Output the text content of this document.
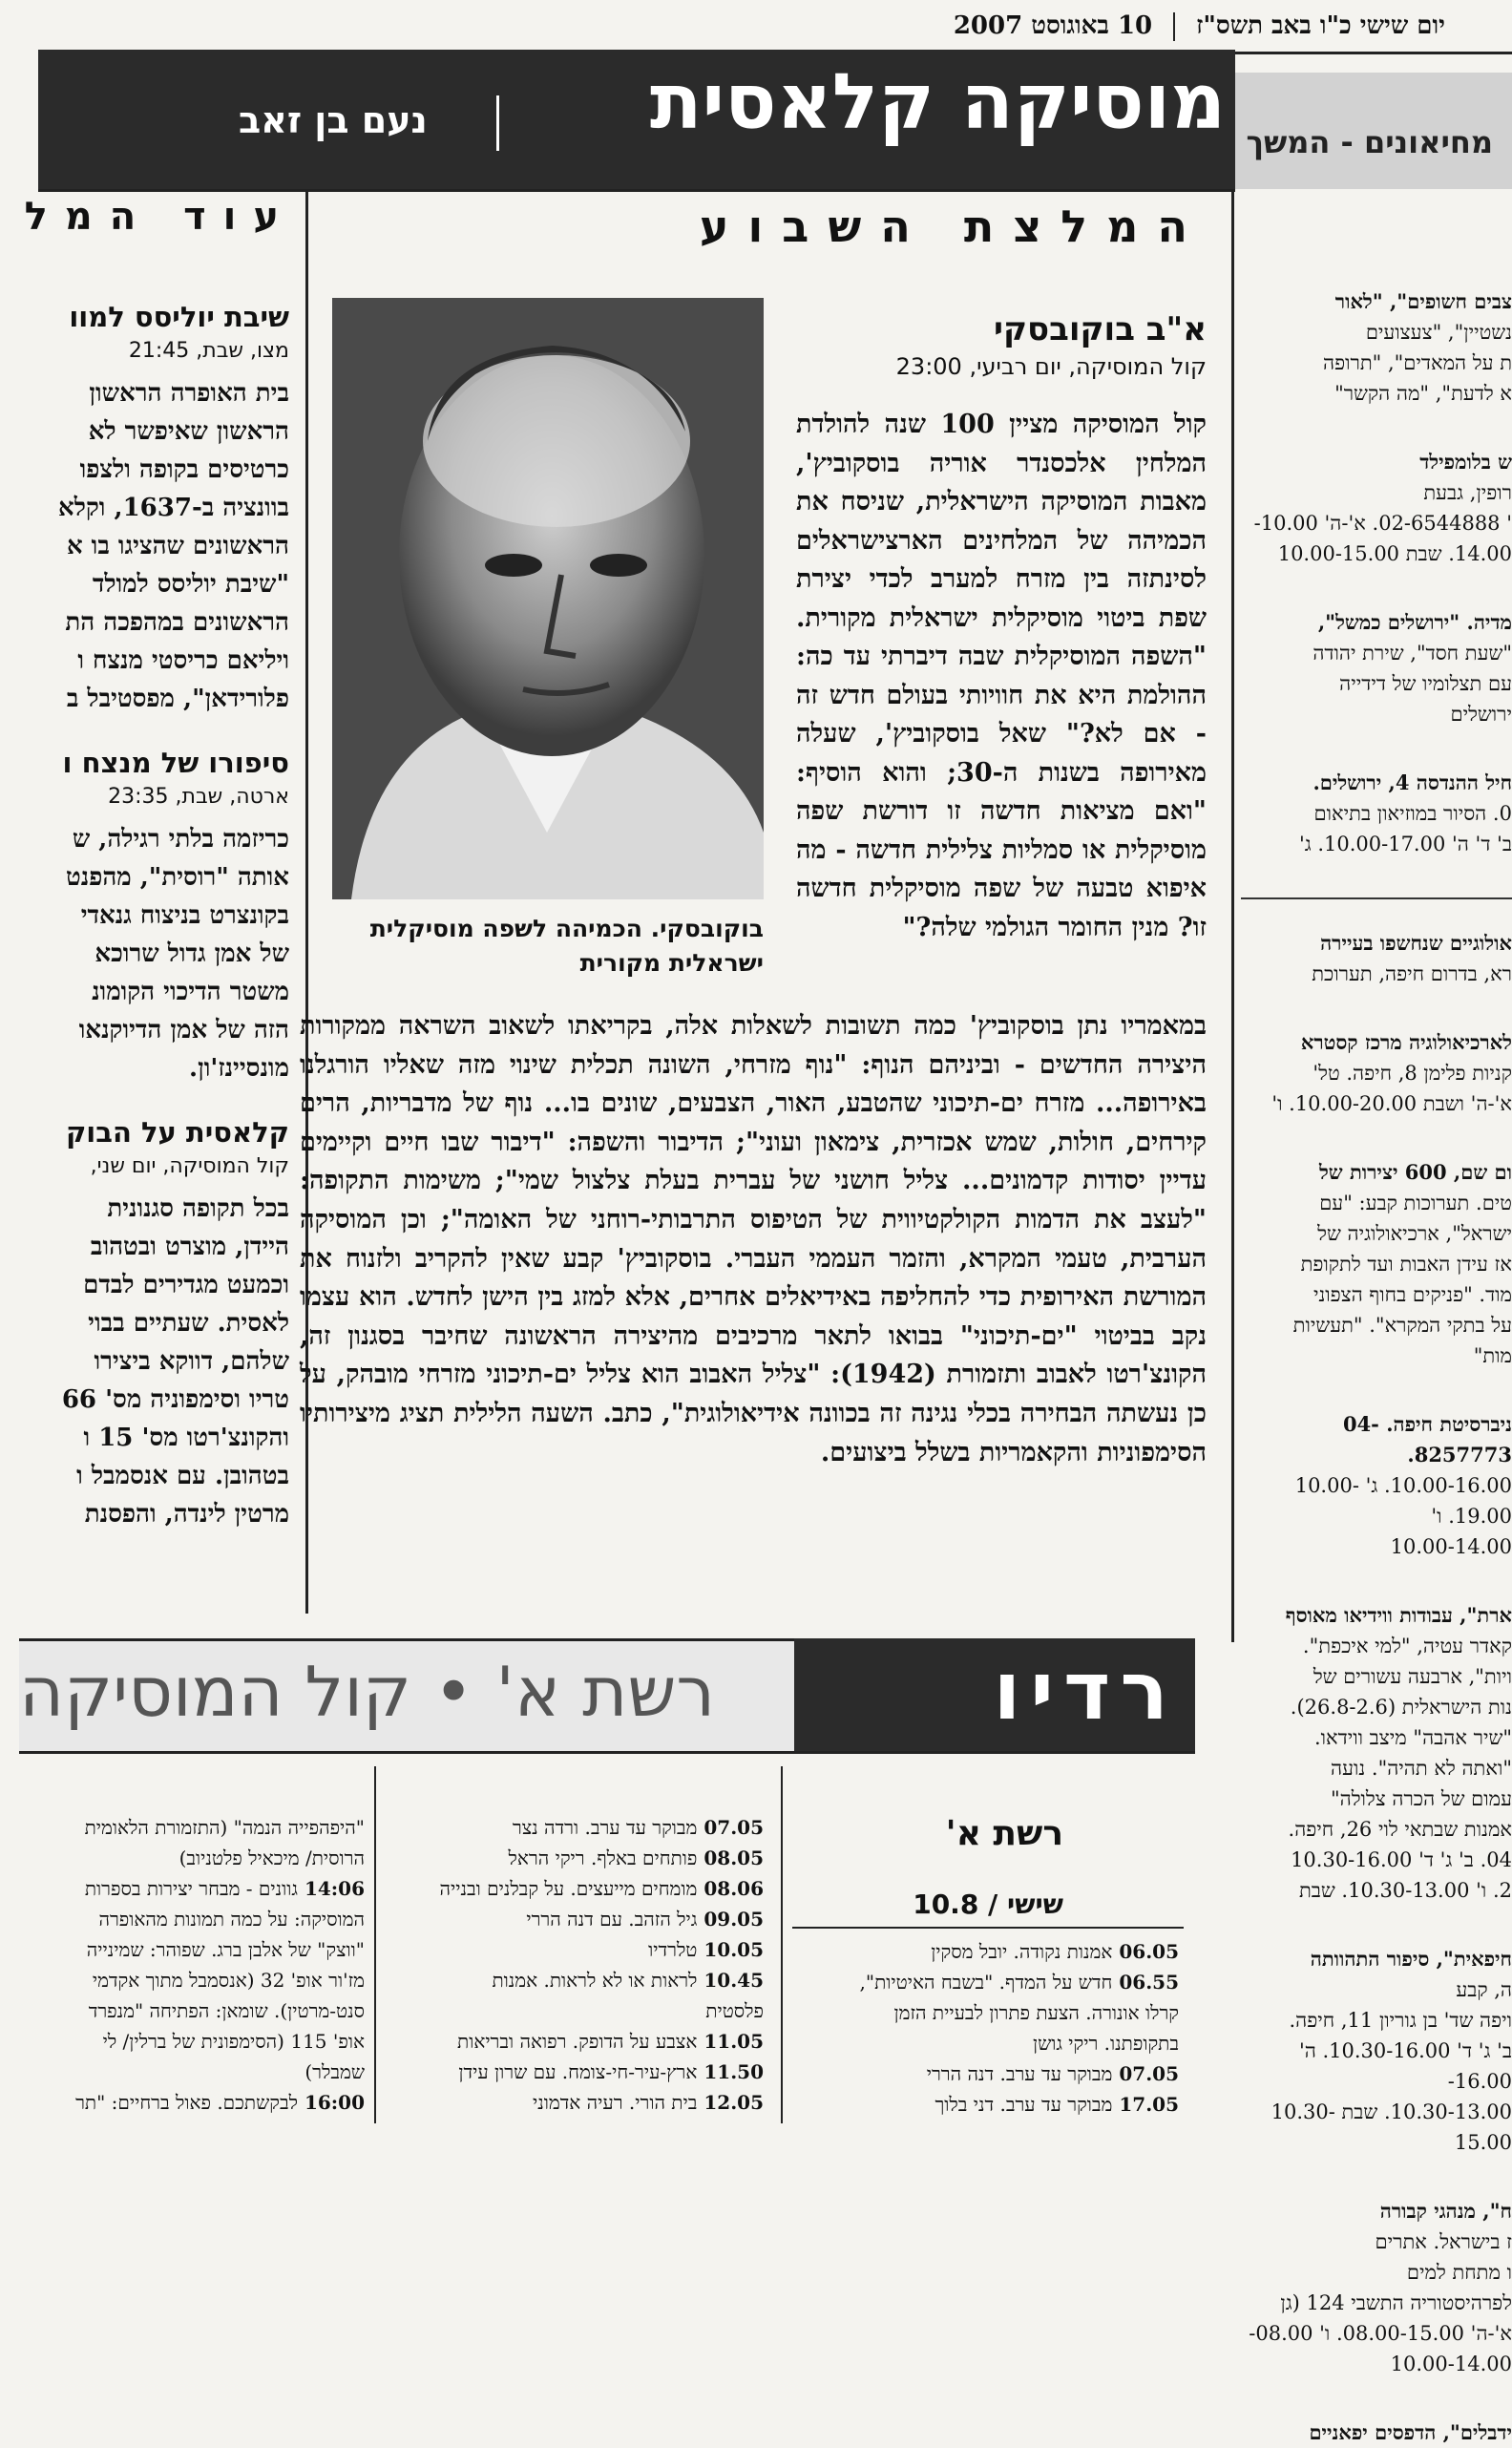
יום שישי כ"ו באב תשס"ז10 באוגוסט 2007
מוסיקה קלאסית
נעם בן זאב
מחיאונים - המשך
המלצת השבוע
עוד המל
א"ב בוקובסקי
קול המוסיקה, יום רביעי, 23:00
קול המוסיקה מציין 100 שנה להולדת המלחין אלכסנדר אוריה בוסקוביץ', מאבות המוסיקה הישראלית, שניסח את הכמיהה של המלחינים הארצישראלים לסינתזה בין מזרח למערב לכדי יצירת שפת ביטוי מוסיקלית ישראלית מקורית. "השפה המוסיקלית שבה דיברתי עד כה: ההולמת היא את חוויותי בעולם חדש זה - אם לא?" שאל בוסקוביץ', שעלה מאירופה בשנות ה-30; והוא הוסיף: "ואם מציאות חדשה זו דורשת שפה מוסיקלית או סמליות צלילית חדשה - מה איפוא טבעה של שפה מוסיקלית חדשה זו? מנין החומר הגולמי שלה?"
בוקובסקי. הכמיהה לשפה מוסיקלית ישראלית מקורית
במאמריו נתן בוסקוביץ' כמה תשובות לשאלות אלה, בקריאתו לשאוב השראה ממקורות היצירה החדשים - וביניהם הנוף: "נוף מזרחי, השונה תכלית שינוי מזה שאליו הורגלנו באירופה... מזרח ים-תיכוני שהטבע, האור, הצבעים, שונים בו... נוף של מדבריות, הרים קירחים, חולות, שמש אכזרית, צימאון ועוני"; הדיבור והשפה: "דיבור שבו חיים וקיימים עדיין יסודות קדמונים... צליל חושני של עברית בעלת צלצול שמי"; משימות התקופה: "לעצב את הדמות הקולקטיווית של הטיפוס התרבותי-רוחני של האומה"; וכן המוסיקה הערבית, טעמי המקרא, והזמר העממי העברי. בוסקוביץ' קבע שאין להקריב ולזנוח את המורשת האירופית כדי להחליפה באידיאלים אחרים, אלא למזג בין הישן לחדש. הוא עצמו נקב בביטוי "ים-תיכוני" בבואו לתאר מרכיבים מהיצירה הראשונה שחיבר בסגנון זה, הקונצ'רטו לאבוב ותזמורת (1942): "צליל האבוב הוא צליל ים-תיכוני מזרחי מובהק, על כן נעשתה הבחירה בכלי נגינה זה בכוונה אידיאולוגית", כתב. השעה הלילית תציג מיצירותיו הסימפוניות והקאמריות בשלל ביצועים.
שיבת יוליסס למוו
מצו, שבת, 21:45
בית האופרה הראשון
הראשון שאיפשר לא
כרטיסים בקופה ולצפו
בוונציה ב-1637, וקלא
הראשונים שהציגו בו א
"שיבת יוליסס למולד
הראשונים במהפכה הת
ויליאם כריסטי מנצח ו
פלורידאן", מפסטיבל ב
סיפורו של מנצח ו
ארטה, שבת, 23:35
כריזמה בלתי רגילה, ש
אותה "רוסית", מהפנט
בקונצרט בניצוח גנאדי
של אמן גדול שרוכא
משטר הדיכוי הקומונ
הזה של אמן הדיוקנאו
מונסיינז'ון.
קלאסית על הבוק
קול המוסיקה, יום שני,
בכל תקופה סגנונית
היידן, מוצרט ובטהוב
וכמעט מגדירים לבדם
לאסית. שעתיים בבוי
שלהם, דווקא ביצירו
טריו וסימפוניה מס' 66
והקונצ'רטו מס' 15 ו
בטהובן. עם אנסמבל ו
מרטין לינדה, והפסנת
צבים חשופים", "לאור
נשטיין", "צעצועים
ת על המאדים", "תרופה
א לדעת", "מה הקשר"
ש בלומפילד
רופין, גבעת
' 02-6544888. א'-ה' 10.00-
14.00. שבת 10.00-15.00
מדיה. "ירושלים כמשל",
"שעת חסד", שירת יהודה
עם תצלומיו של דידייה
ירושלים
חיל ההנדסה 4, ירושלים.
0. הסיור במוזיאון בתיאום
ב' ד' ה' 10.00-17.00. ג'
אולוגיים שנחשפו בעיירה
רא, בדרום חיפה, תערוכת
לארכיאולוגיה מרכז קסטרא
קניות פלימן 8, חיפה. טל'
א'-ה' ושבת 10.00-20.00. ו'
ום שם, 600 יצירות של
טים. תערוכות קבע: "עם
ישראל", ארכיאולוגיה של
אז עידן האבות ועד לתקופת
מוד. "פניקים בחוף הצפוני
על בתקי המקרא". "תעשיות
מות"
ניברסיטת חיפה. 04-8257773.
10.00-16.00. ג' 10.00-19.00. ו'
10.00-14.00
ארת", עבודות ווידיאו מאוסף
קאדר עטיה, "למי איכפת".
ויות", ארבעה עשורים של
נות הישראלית (26.8-2.6).
"שיר אהבה" מיצב ווידאו.
"ואתה לא תהיה". נועה
עמום של הכרה צלולה"
אמנות שבתאי לוי 26, חיפה.
04. ב' ג' ד' 10.30-16.00
2. ו' 10.30-13.00. שבת
חיפאית", סיפור התהוותה
ה, קבע
ויפה שד' בן גוריון 11, חיפה.
ב' ג' ד' 10.30-16.00. ה' 16.00-
10.30-13.00. שבת 10.30-15.00
ח", מנהגי קבורה
ז בישראל. אתרים
ו מתחת למים
לפרהיסטוריה התשבי 124 (גן
א'-ה' 08.00-15.00. ו' 08.00-
10.00-14.00
ידבלים", הדפסים יפאניים
רשת א' • קול המוסיקה	רדיו
רשת א'
שישי / 10.8
06.05 אמנות נקודה. יובל מסקין
06.55 חדש על המדף. "בשבח האיטיות",
קרלו אונורה. הצעת פתרון לבעיית הזמן
בתקופתנו. ריקי גושן
07.05 מבוקר עד ערב. דנה הררי
17.05 מבוקר עד ערב. דני בלוך
07.05 מבוקר עד ערב. ורדה נצר
08.05 פותחים באלף. ריקי הראל
08.06 מומחים מייעצים. על קבלנים ובנייה
09.05 גיל הזהב. עם דנה הררי
10.05 טלרדיו
10.45 לראות או לא לראות. אמנות
פלסטית
11.05 אצבע על הדופק. רפואה ובריאות
11.50 ארץ-עיר-חי-צומח. עם שרון עידן
12.05 בית הורי. רעיה אדמוני
"היפהפייה הנמה" (התזמורת הלאומית
הרוסית/ מיכאיל פלטניוב)
14:06 גוונים - מבחר יצירות בספרות
המוסיקה: על כמה תמונות מהאופרה
"ווצק" של אלבן ברג. שפוהר: שמינייה
מז'ור אופ' 32 (אנסמבל מתוך אקדמי
סנט-מרטין). שומאן: הפתיחה "מנפרד
אופ' 115 (הסימפונית של ברלין/ לי
שמבלר)
16:00 לבקשתכם. פאול ברחיים: "תר
